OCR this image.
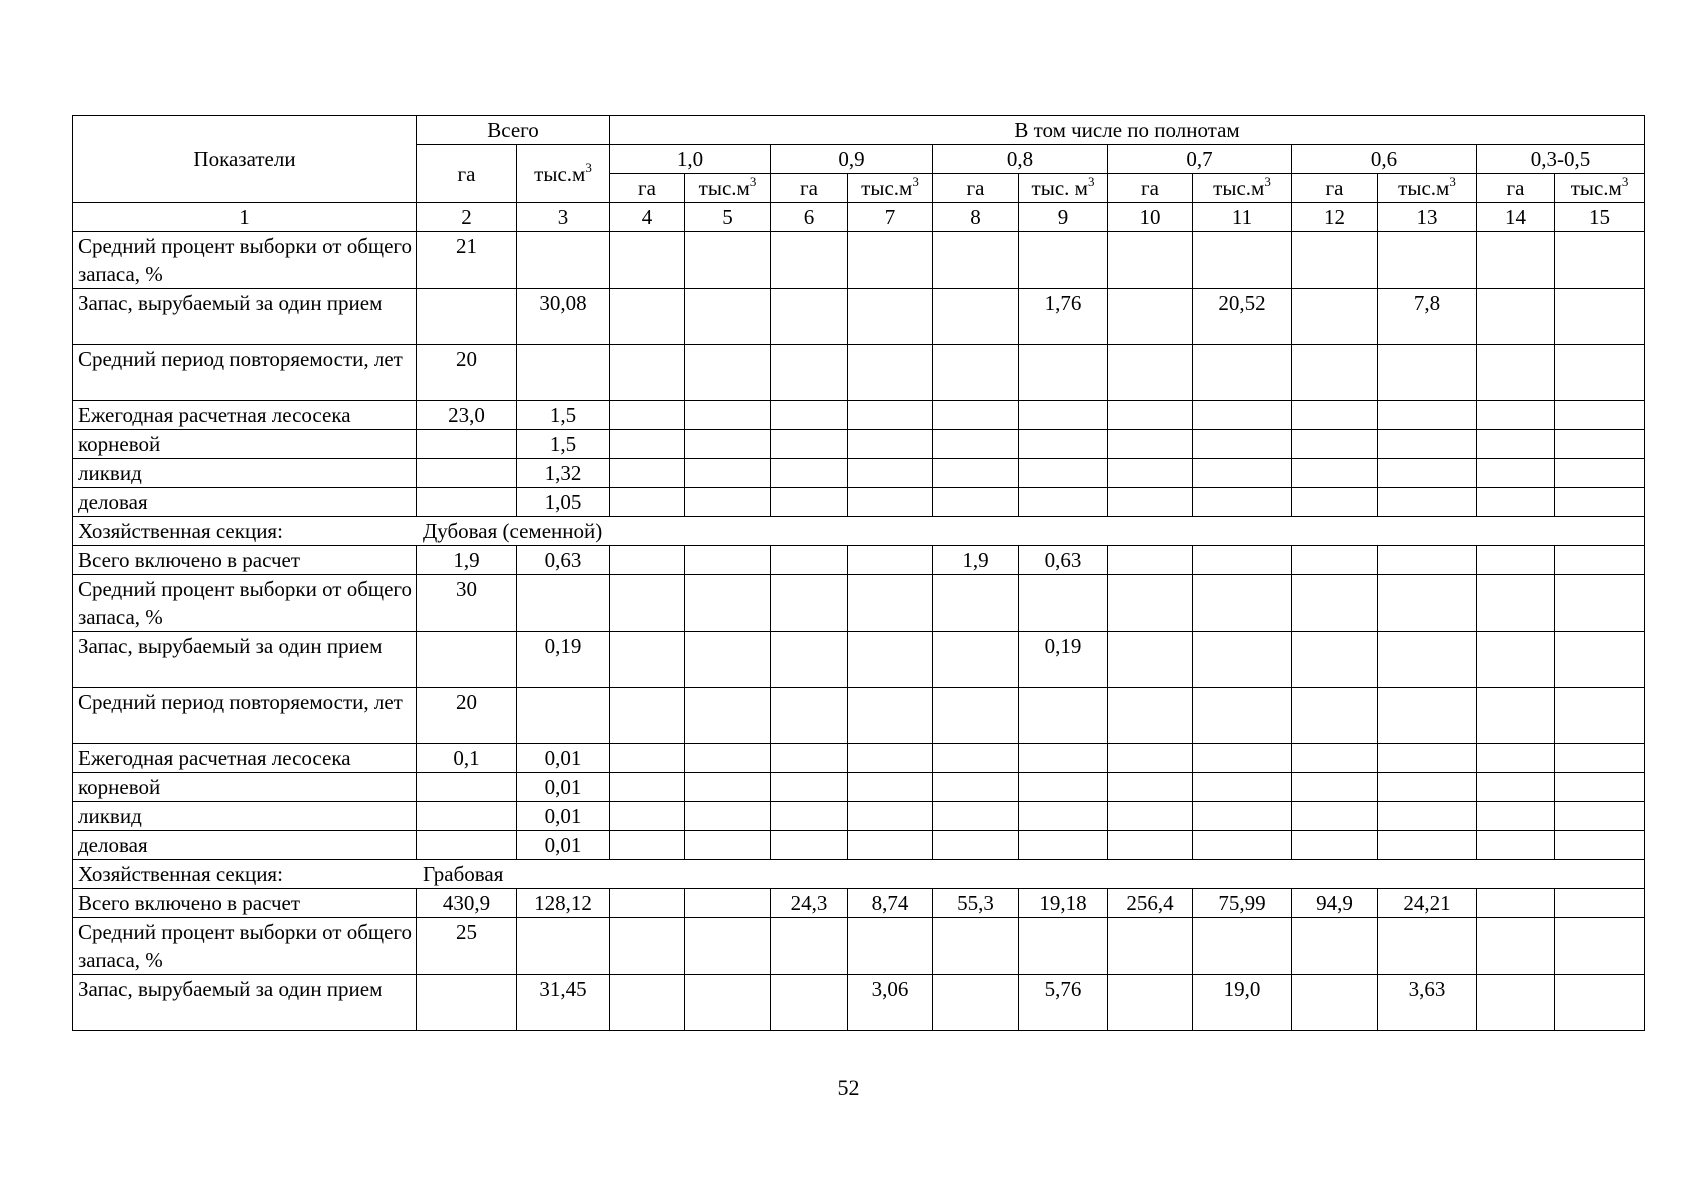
Показатели	Всего		В том числе по полнотам											
	га	$тыс.м^3$	1,0		0,9		0,8		0,7		0,6		0,3-0,5	
			га	$тыс.м^3$	га	$тыс.м^3$	га	тыс. $м^3$	га	$тыс.м^3$	га	$тыс.м^3$	га	$тыс.м^3$
1	2	3	4	5	6	7	8	9	10	11	12	13	14	15
Средний процент выборки от общего запаса, %	21													
Запас, вырубаемый за один прием		30,08						1,76		20,52		7,8		
Средний период повторяемости, лет	20													
Ежегодная расчетная лесосека	23,0	1,5												
корневой		1,5												
ликвид		1,32												
деловая		1,05												
Хозяйственная секция: Дубовая (семенной)														
Всего включено в расчет	1,9	0,63					1,9	0,63						
Средний процент выборки от общего запаса, %	30													
Запас, вырубаемый за один прием		0,19						0,19						
Средний период повторяемости, лет	20													
Ежегодная расчетная лесосека	0,1	0,01												
корневой		0,01												
ликвид		0,01												
деловая		0,01												
Хозяйственная секция: Грабовая														
Всего включено в расчет	430,9	128,12			24,3	8,74	55,3	19,18	256,4	75,99	94,9	24,21		
Средний процент выборки от общего запаса, %	25													
Запас, вырубаемый за один прием		31,45				3,06		5,76		19,0		3,63		
52
